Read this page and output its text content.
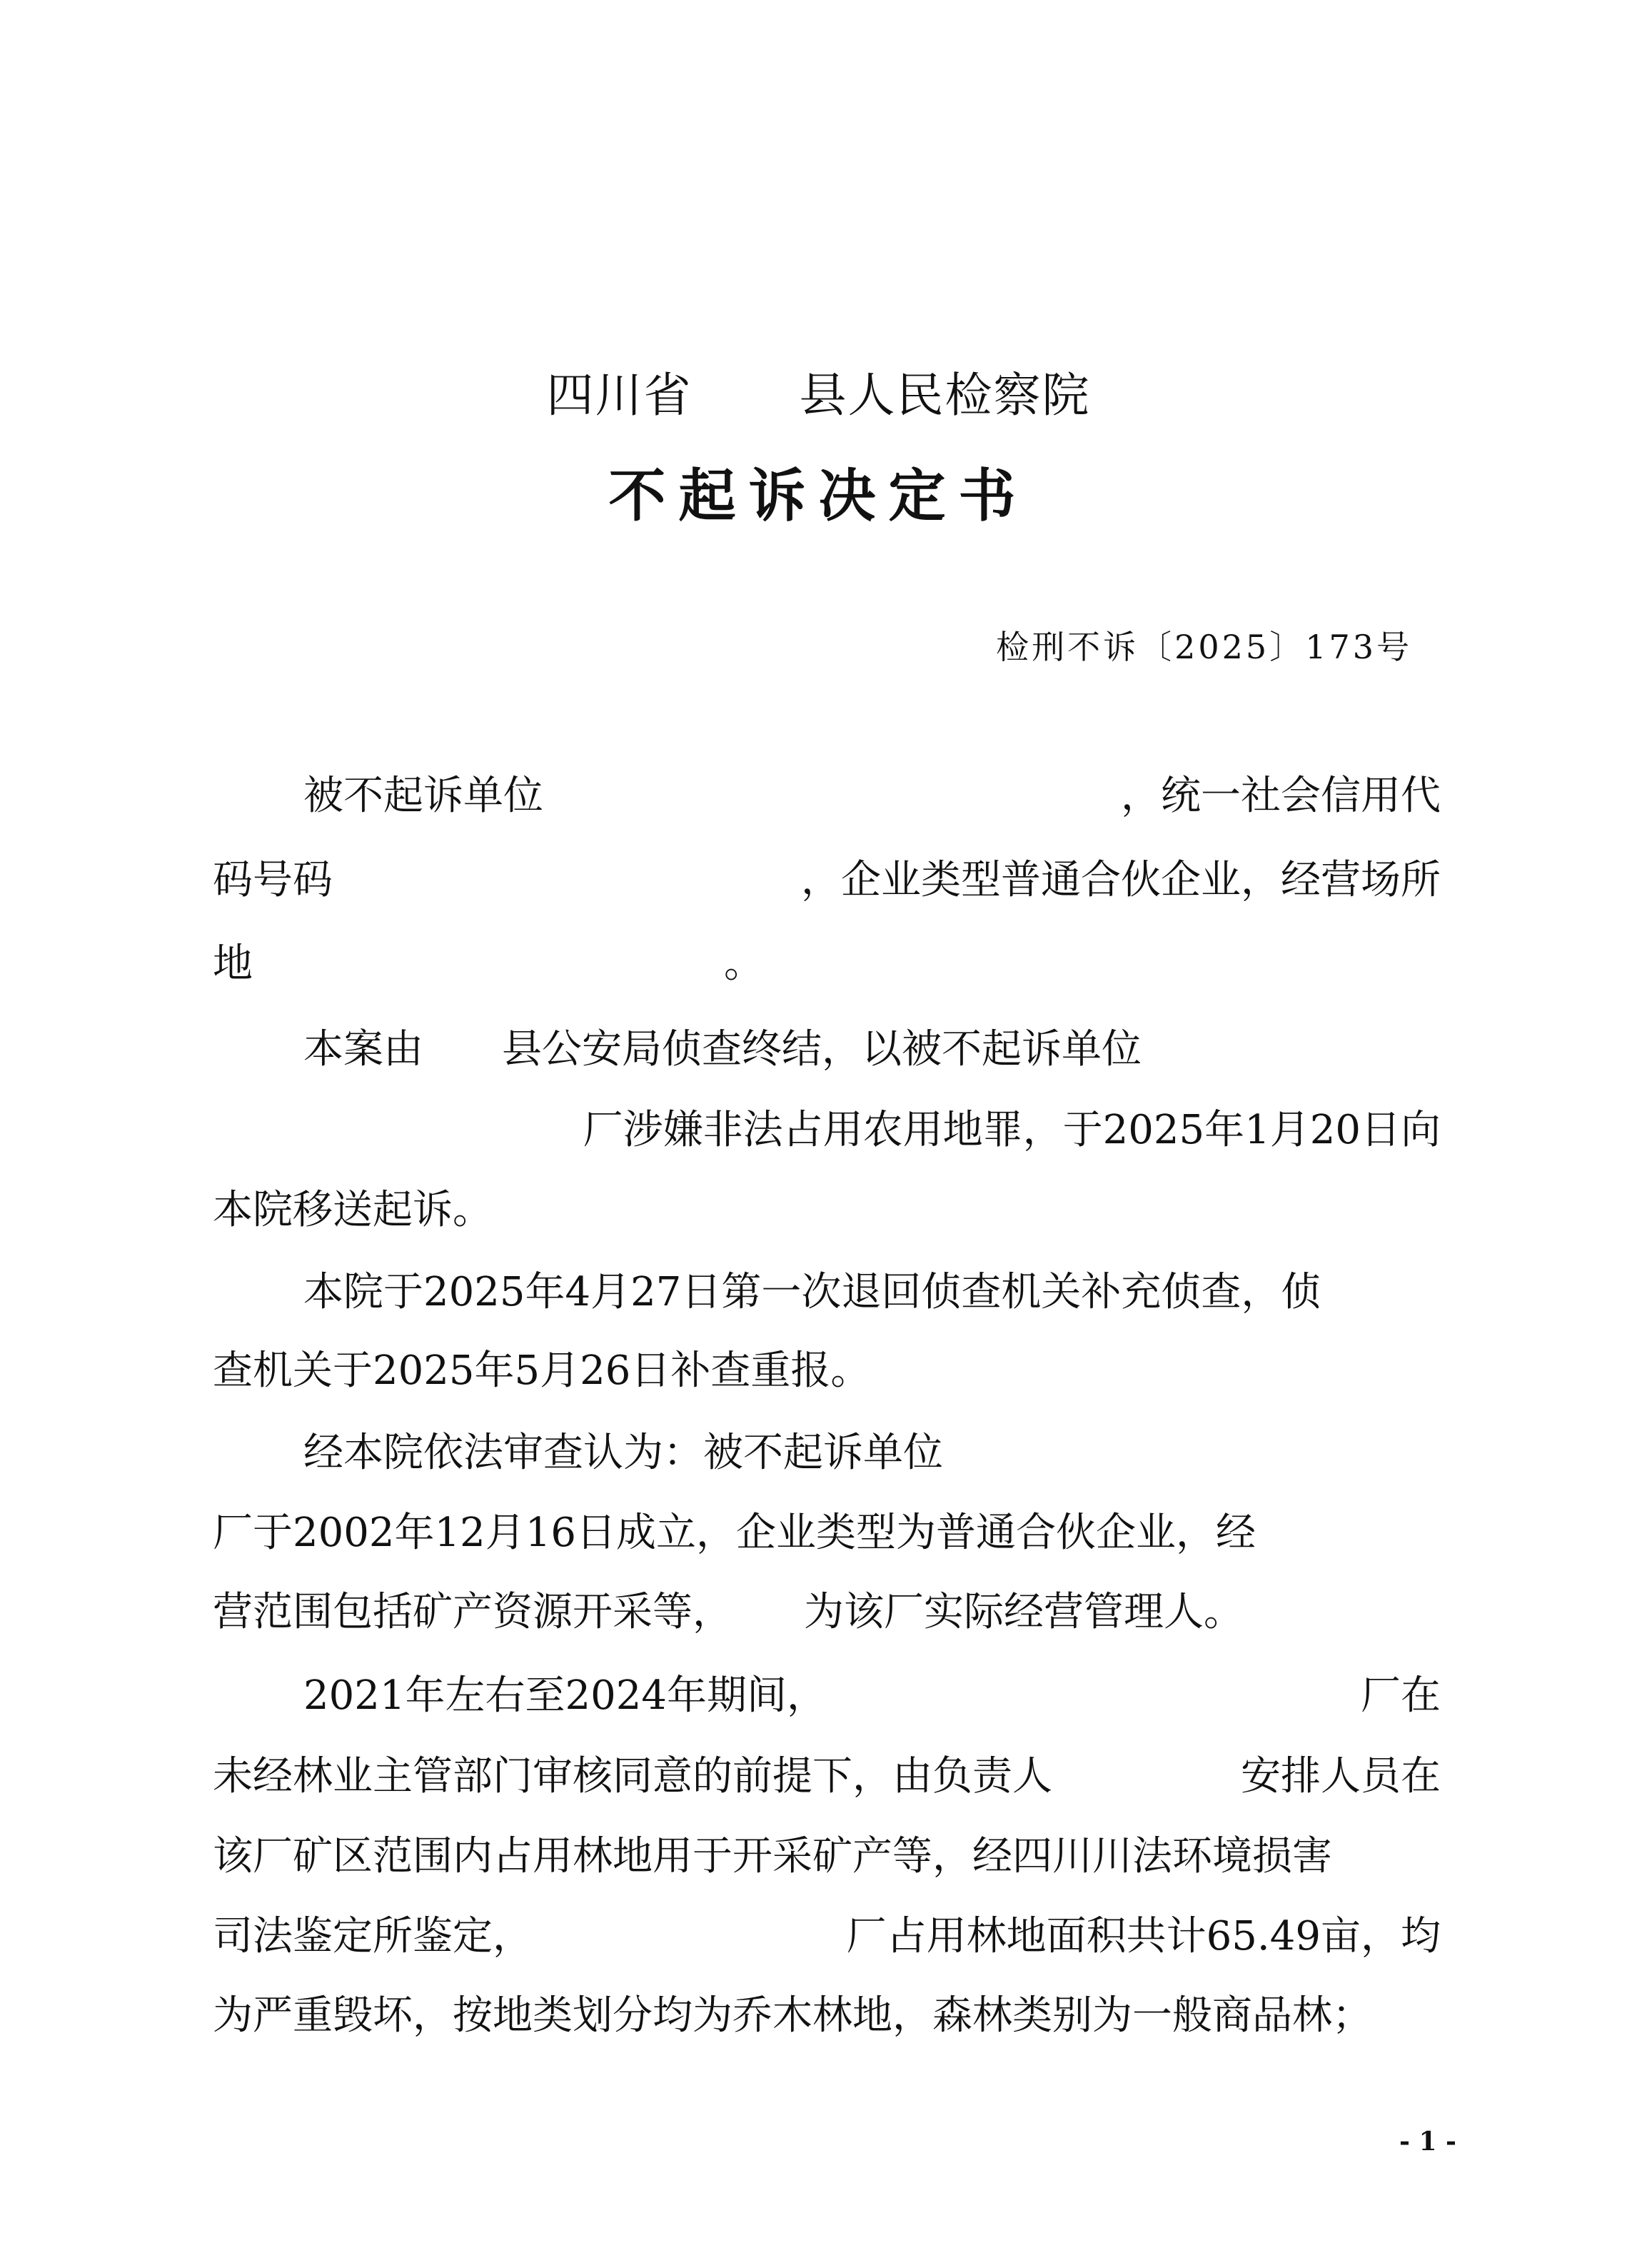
四川省 县人民检察院
不起诉决定书
检刑不诉〔2025〕173号
被不起诉单位	，统一社会信用代
码号码	，企业类型普通合伙企业，经营场所
地	。
本案由 县公安局侦查终结，以被不起诉单位
厂涉嫌非法占用农用地罪，于2025年1月20日向
本院移送起诉。
本院于2025年4月27日第一次退回侦查机关补充侦查，侦
查机关于2025年5月26日补查重报。
经本院依法审查认为：被不起诉单位
厂于2002年12月16日成立，企业类型为普通合伙企业，经
营范围包括矿产资源开采等， 为该厂实际经营管理人。
2021年左右至2024年期间，	厂在
未经林业主管部门审核同意的前提下，由负责人	安排人员在
该厂矿区范围内占用林地用于开采矿产等，经四川川法环境损害
司法鉴定所鉴定，	厂占用林地面积共计65.49亩，均
为严重毁坏，按地类划分均为乔木林地，森林类别为一般商品林；
- 1 -
